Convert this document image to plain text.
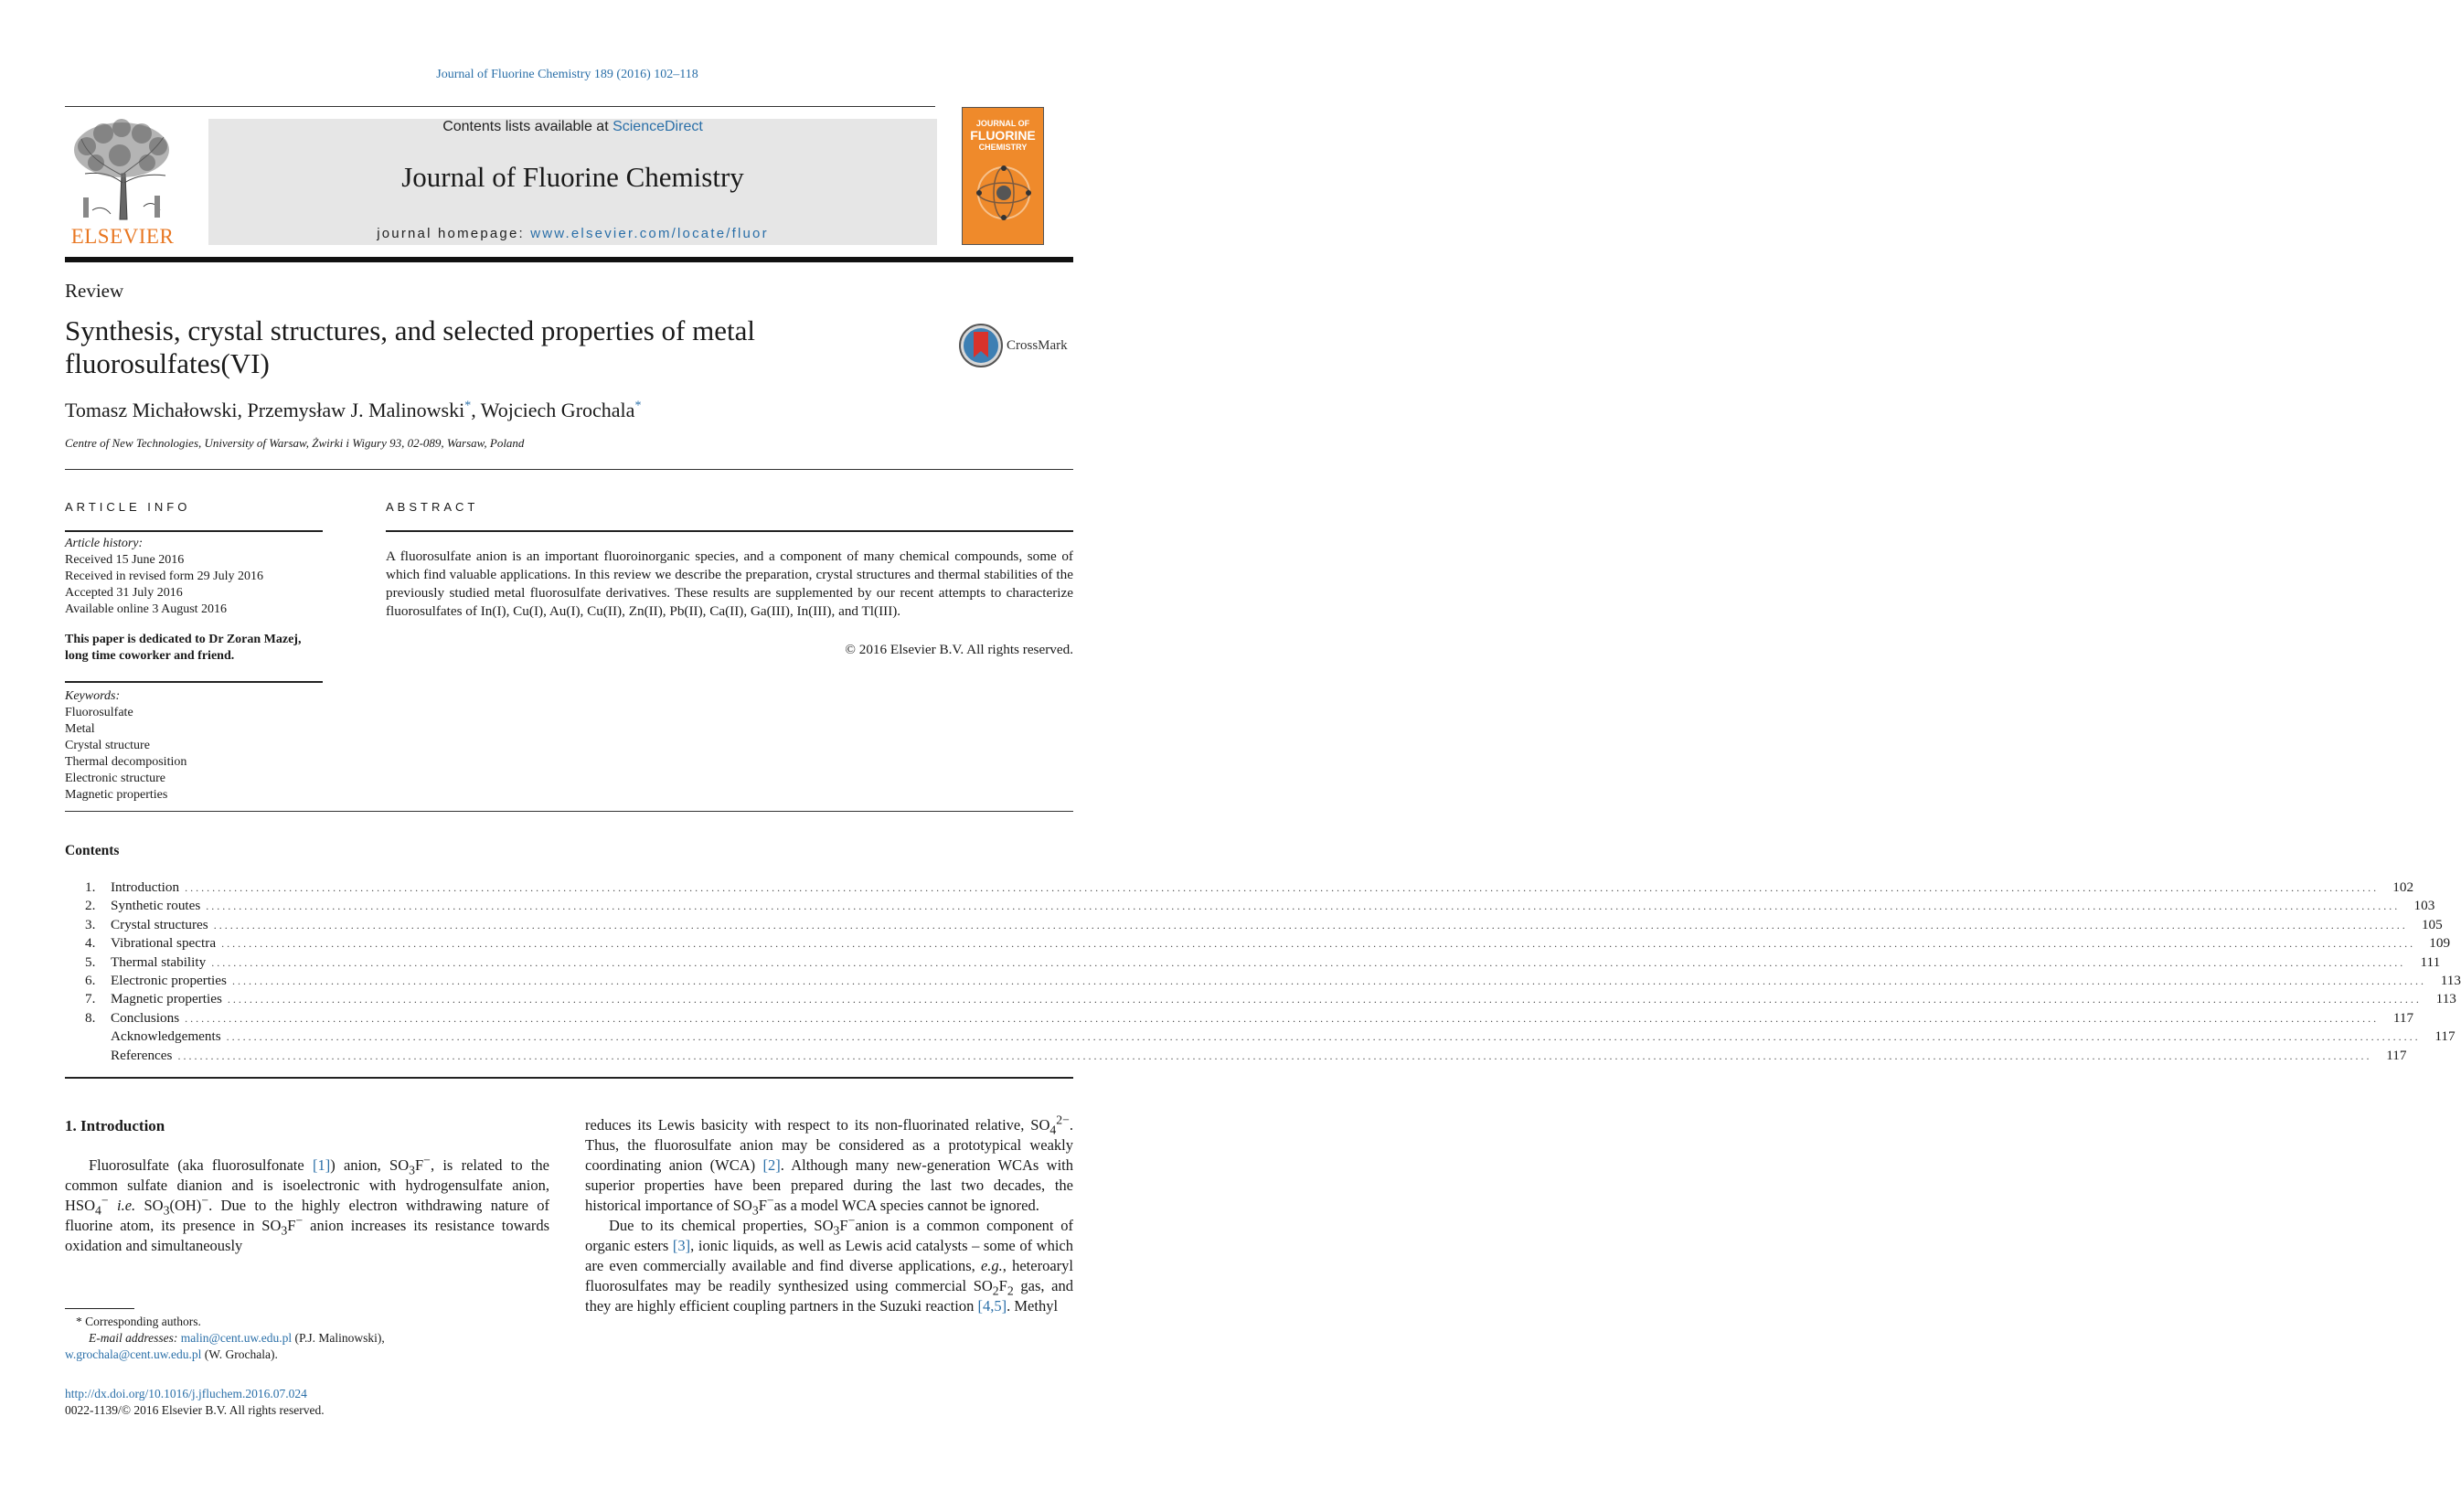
Journal of Fluorine Chemistry 189 (2016) 102–118
ELSEVIER
Contents lists available at ScienceDirect
Journal of Fluorine Chemistry
journal homepage: www.elsevier.com/locate/fluor
JOURNAL OF
FLUORINE
CHEMISTRY
Review
Synthesis, crystal structures, and selected properties of metal fluorosulfates(VI)
CrossMark
Tomasz Michałowski, Przemysław J. Malinowski*, Wojciech Grochala*
Centre of New Technologies, University of Warsaw, Żwirki i Wigury 93, 02-089, Warsaw, Poland
ARTICLE INFO	ABSTRACT
Article history:
Received 15 June 2016
Received in revised form 29 July 2016
Accepted 31 July 2016
Available online 3 August 2016
This paper is dedicated to Dr Zoran Mazej, long time coworker and friend.
Keywords:
Fluorosulfate
Metal
Crystal structure
Thermal decomposition
Electronic structure
Magnetic properties
A fluorosulfate anion is an important fluoroinorganic species, and a component of many chemical compounds, some of which find valuable applications. In this review we describe the preparation, crystal structures and thermal stabilities of the previously studied metal fluorosulfate derivatives. These results are supplemented by our recent attempts to characterize fluorosulfates of In(I), Cu(I), Au(I), Cu(II), Zn(II), Pb(II), Ca(II), Ga(III), In(III), and Tl(III).
© 2016 Elsevier B.V. All rights reserved.
Contents
1.	Introduction ................................................................................................................................................................................................................................................................................................................................................................................................................	102
2.	Synthetic routes ................................................................................................................................................................................................................................................................................................................................................................................................................	103
3.	Crystal structures ................................................................................................................................................................................................................................................................................................................................................................................................................	105
4.	Vibrational spectra ................................................................................................................................................................................................................................................................................................................................................................................................................	109
5.	Thermal stability ................................................................................................................................................................................................................................................................................................................................................................................................................	111
6.	Electronic properties ................................................................................................................................................................................................................................................................................................................................................................................................................	113
7.	Magnetic properties ................................................................................................................................................................................................................................................................................................................................................................................................................	113
8.	Conclusions ................................................................................................................................................................................................................................................................................................................................................................................................................	117
Acknowledgements ................................................................................................................................................................................................................................................................................................................................................................................................................	117
References ................................................................................................................................................................................................................................................................................................................................................................................................................	117
1. Introduction
Fluorosulfate (aka fluorosulfonate [1]) anion, $SO_3F^-$, is related to the common sulfate dianion and is isoelectronic with hydrogensulfate anion, $HSO_4^-$ i.e. $SO_3(OH)^-$. Due to the highly electron withdrawing nature of fluorine atom, its presence in $SO_3F^-$ anion increases its resistance towards oxidation and simultaneously

reduces its Lewis basicity with respect to its non-fluorinated relative, $SO_4^{2-}$. Thus, the fluorosulfate anion may be considered as a prototypical weakly coordinating anion (WCA) [2]. Although many new-generation WCAs with superior properties have been prepared during the last two decades, the historical importance of $SO_3F^-as$ a model WCA species cannot be ignored.

Due to its chemical properties, $SO_3F^-anion$ is a common component of organic esters [3], ionic liquids, as well as Lewis acid catalysts – some of which are even commercially available and find diverse applications, e.g., heteroaryl fluorosulfates may be readily synthesized using commercial $SO_2F_2$ gas, and they are highly efficient coupling partners in the Suzuki reaction [4,5]. Methyl

* Corresponding authors.
E-mail addresses: malin@cent.uw.edu.pl (P.J. Malinowski),
w.grochala@cent.uw.edu.pl (W. Grochala).
http://dx.doi.org/10.1016/j.jfluchem.2016.07.024
0022-1139/© 2016 Elsevier B.V. All rights reserved.
